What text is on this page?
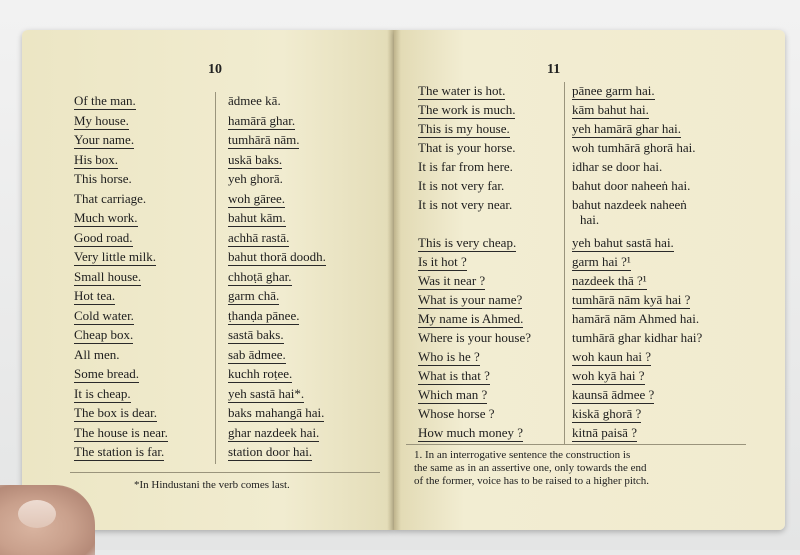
10
Of the man.	ādmee kā.
My house.	hamārā ghar.
Your name.	tumhārā nām.
His box.	uskā baks.
This horse.	yeh ghorā.
That carriage.	woh gāree.
Much work.	bahut kām.
Good road.	achhā rastā.
Very little milk.	bahut thorā doodh.
Small house.	chhoṭā ghar.
Hot tea.	garm chā.
Cold water.	ṭhanḍa pānee.
Cheap box.	sastā baks.
All men.	sab ādmee.
Some bread.	kuchh roṭee.
It is cheap.	yeh sastā hai*.
The box is dear.	baks mahangā hai.
The house is near.	ghar nazdeek hai.
The station is far.	station door hai.
*In Hindustani the verb comes last.
11
The water is hot.	pānee garm hai.
The work is much.	kām bahut hai.
This is my house.	yeh hamārā ghar hai.
That is your horse.	woh tumhārā ghorā hai.
It is far from here.	idhar se door hai.
It is not very far.	bahut door naheeṅ hai.
It is not very near.	bahut nazdeek naheeṅ
hai.
This is very cheap.	yeh bahut sastā hai.
Is it hot ?	garm hai ?¹
Was it near ?	nazdeek thā ?¹
What is your name?	tumhārā nām kyā hai ?
My name is Ahmed.	hamārā nām Ahmed hai.
Where is your house?	tumhārā ghar kidhar hai?
Who is he ?	woh kaun hai ?
What is that ?	woh kyā hai ?
Which man ?	kaunsā ādmee ?
Whose horse ?	kiskā ghorā ?
How much money ?	kitnā paisā ?
1. In an interrogative sentence the construction is
the same as in an assertive one, only towards the end
of the former, voice has to be raised to a higher pitch.
